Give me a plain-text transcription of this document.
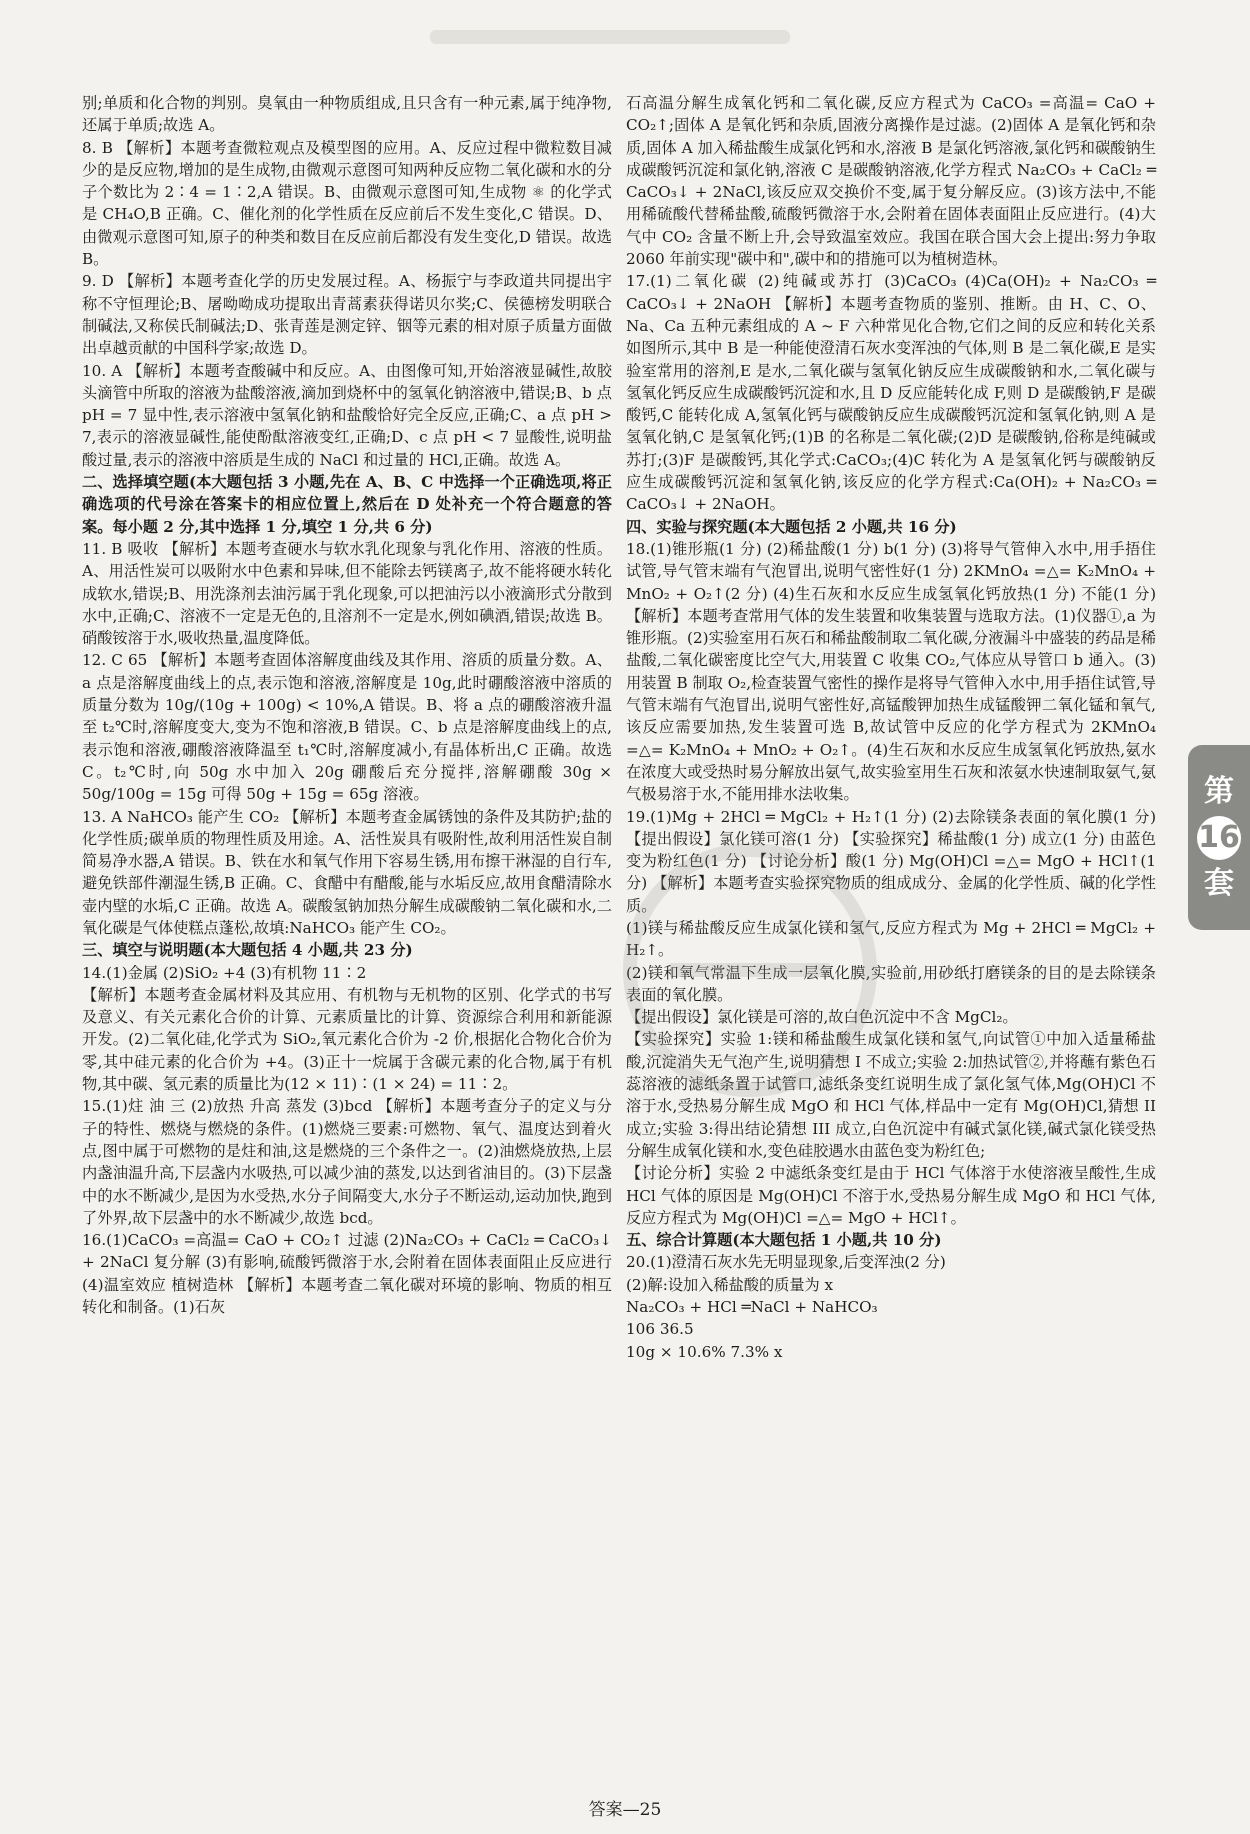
别;单质和化合物的判别。臭氧由一种物质组成,且只含有一种元素,属于纯净物,还属于单质;故选 A。

8. B 【解析】本题考查微粒观点及模型图的应用。A、反应过程中微粒数目减少的是反应物,增加的是生成物,由微观示意图可知两种反应物二氧化碳和水的分子个数比为 2∶4 = 1∶2,A 错误。B、由微观示意图可知,生成物 ⚛ 的化学式是 CH₄O,B 正确。C、催化剂的化学性质在反应前后不发生变化,C 错误。D、由微观示意图可知,原子的种类和数目在反应前后都没有发生变化,D 错误。故选 B。

9. D 【解析】本题考查化学的历史发展过程。A、杨振宁与李政道共同提出宇称不守恒理论;B、屠呦呦成功提取出青蒿素获得诺贝尔奖;C、侯德榜发明联合制碱法,又称侯氏制碱法;D、张青莲是测定锌、铟等元素的相对原子质量方面做出卓越贡献的中国科学家;故选 D。

10. A 【解析】本题考查酸碱中和反应。A、由图像可知,开始溶液显碱性,故胶头滴管中所取的溶液为盐酸溶液,滴加到烧杯中的氢氧化钠溶液中,错误;B、b 点 pH = 7 显中性,表示溶液中氢氧化钠和盐酸恰好完全反应,正确;C、a 点 pH > 7,表示的溶液显碱性,能使酚酞溶液变红,正确;D、c 点 pH < 7 显酸性,说明盐酸过量,表示的溶液中溶质是生成的 NaCl 和过量的 HCl,正确。故选 A。

二、选择填空题(本大题包括 3 小题,先在 A、B、C 中选择一个正确选项,将正确选项的代号涂在答案卡的相应位置上,然后在 D 处补充一个符合题意的答案。每小题 2 分,其中选择 1 分,填空 1 分,共 6 分)

11. B 吸收 【解析】本题考查硬水与软水乳化现象与乳化作用、溶液的性质。A、用活性炭可以吸附水中色素和异味,但不能除去钙镁离子,故不能将硬水转化成软水,错误;B、用洗涤剂去油污属于乳化现象,可以把油污以小液滴形式分散到水中,正确;C、溶液不一定是无色的,且溶剂不一定是水,例如碘酒,错误;故选 B。硝酸铵溶于水,吸收热量,温度降低。

12. C 65 【解析】本题考查固体溶解度曲线及其作用、溶质的质量分数。A、a 点是溶解度曲线上的点,表示饱和溶液,溶解度是 10g,此时硼酸溶液中溶质的质量分数为 10g/(10g + 100g) < 10%,A 错误。B、将 a 点的硼酸溶液升温至 t₂℃时,溶解度变大,变为不饱和溶液,B 错误。C、b 点是溶解度曲线上的点,表示饱和溶液,硼酸溶液降温至 t₁℃时,溶解度减小,有晶体析出,C 正确。故选 C。t₂℃时,向 50g 水中加入 20g 硼酸后充分搅拌,溶解硼酸 30g × 50g/100g = 15g 可得 50g + 15g = 65g 溶液。

13. A NaHCO₃ 能产生 CO₂ 【解析】本题考查金属锈蚀的条件及其防护;盐的化学性质;碳单质的物理性质及用途。A、活性炭具有吸附性,故利用活性炭自制简易净水器,A 错误。B、铁在水和氧气作用下容易生锈,用布擦干淋湿的自行车,避免铁部件潮湿生锈,B 正确。C、食醋中有醋酸,能与水垢反应,故用食醋清除水壶内壁的水垢,C 正确。故选 A。碳酸氢钠加热分解生成碳酸钠二氧化碳和水,二氧化碳是气体使糕点蓬松,故填:NaHCO₃ 能产生 CO₂。

三、填空与说明题(本大题包括 4 小题,共 23 分)

14.(1)金属 (2)SiO₂ +4 (3)有机物 11∶2

【解析】本题考查金属材料及其应用、有机物与无机物的区别、化学式的书写及意义、有关元素化合价的计算、元素质量比的计算、资源综合利用和新能源开发。(2)二氧化硅,化学式为 SiO₂,氧元素化合价为 -2 价,根据化合物化合价为零,其中硅元素的化合价为 +4。(3)正十一烷属于含碳元素的化合物,属于有机物,其中碳、氢元素的质量比为(12 × 11)∶(1 × 24) = 11∶2。

15.(1)炷 油 三 (2)放热 升高 蒸发 (3)bcd 【解析】本题考查分子的定义与分子的特性、燃烧与燃烧的条件。(1)燃烧三要素:可燃物、氧气、温度达到着火点,图中属于可燃物的是炷和油,这是燃烧的三个条件之一。(2)油燃烧放热,上层内盏油温升高,下层盏内水吸热,可以减少油的蒸发,以达到省油目的。(3)下层盏中的水不断减少,是因为水受热,水分子间隔变大,水分子不断运动,运动加快,跑到了外界,故下层盏中的水不断减少,故选 bcd。

16.(1)CaCO₃ =高温= CaO + CO₂↑ 过滤 (2)Na₂CO₃ + CaCl₂ ═ CaCO₃↓ + 2NaCl 复分解 (3)有影响,硫酸钙微溶于水,会附着在固体表面阻止反应进行 (4)温室效应 植树造林 【解析】本题考查二氧化碳对环境的影响、物质的相互转化和制备。(1)石灰

石高温分解生成氧化钙和二氧化碳,反应方程式为 CaCO₃ =高温= CaO + CO₂↑;固体 A 是氧化钙和杂质,固液分离操作是过滤。(2)固体 A 是氧化钙和杂质,固体 A 加入稀盐酸生成氯化钙和水,溶液 B 是氯化钙溶液,氯化钙和碳酸钠生成碳酸钙沉淀和氯化钠,溶液 C 是碳酸钠溶液,化学方程式 Na₂CO₃ + CaCl₂ ═ CaCO₃↓ + 2NaCl,该反应双交换价不变,属于复分解反应。(3)该方法中,不能用稀硫酸代替稀盐酸,硫酸钙微溶于水,会附着在固体表面阻止反应进行。(4)大气中 CO₂ 含量不断上升,会导致温室效应。我国在联合国大会上提出:努力争取 2060 年前实现"碳中和",碳中和的措施可以为植树造林。

17.(1)二氧化碳 (2)纯碱或苏打 (3)CaCO₃ (4)Ca(OH)₂ + Na₂CO₃ ═ CaCO₃↓ + 2NaOH 【解析】本题考查物质的鉴别、推断。由 H、C、O、Na、Ca 五种元素组成的 A ~ F 六种常见化合物,它们之间的反应和转化关系如图所示,其中 B 是一种能使澄清石灰水变浑浊的气体,则 B 是二氧化碳,E 是实验室常用的溶剂,E 是水,二氧化碳与氢氧化钠反应生成碳酸钠和水,二氧化碳与氢氧化钙反应生成碳酸钙沉淀和水,且 D 反应能转化成 F,则 D 是碳酸钠,F 是碳酸钙,C 能转化成 A,氢氧化钙与碳酸钠反应生成碳酸钙沉淀和氢氧化钠,则 A 是氢氧化钠,C 是氢氧化钙;(1)B 的名称是二氧化碳;(2)D 是碳酸钠,俗称是纯碱或苏打;(3)F 是碳酸钙,其化学式:CaCO₃;(4)C 转化为 A 是氢氧化钙与碳酸钠反应生成碳酸钙沉淀和氢氧化钠,该反应的化学方程式:Ca(OH)₂ + Na₂CO₃ ═ CaCO₃↓ + 2NaOH。

四、实验与探究题(本大题包括 2 小题,共 16 分)

18.(1)锥形瓶(1 分) (2)稀盐酸(1 分) b(1 分) (3)将导气管伸入水中,用手捂住试管,导气管末端有气泡冒出,说明气密性好(1 分) 2KMnO₄ =△= K₂MnO₄ + MnO₂ + O₂↑(2 分) (4)生石灰和水反应生成氢氧化钙放热(1 分) 不能(1 分) 【解析】本题考查常用气体的发生装置和收集装置与选取方法。(1)仪器①,a 为锥形瓶。(2)实验室用石灰石和稀盐酸制取二氧化碳,分液漏斗中盛装的药品是稀盐酸,二氧化碳密度比空气大,用装置 C 收集 CO₂,气体应从导管口 b 通入。(3)用装置 B 制取 O₂,检查装置气密性的操作是将导气管伸入水中,用手捂住试管,导气管末端有气泡冒出,说明气密性好,高锰酸钾加热生成锰酸钾二氧化锰和氧气,该反应需要加热,发生装置可选 B,故试管中反应的化学方程式为 2KMnO₄ =△= K₂MnO₄ + MnO₂ + O₂↑。(4)生石灰和水反应生成氢氧化钙放热,氨水在浓度大或受热时易分解放出氨气,故实验室用生石灰和浓氨水快速制取氨气,氨气极易溶于水,不能用排水法收集。

19.(1)Mg + 2HCl ═ MgCl₂ + H₂↑(1 分) (2)去除镁条表面的氧化膜(1 分) 【提出假设】氯化镁可溶(1 分) 【实验探究】稀盐酸(1 分) 成立(1 分) 由蓝色变为粉红色(1 分) 【讨论分析】酸(1 分) Mg(OH)Cl =△= MgO + HCl↑(1 分) 【解析】本题考查实验探究物质的组成成分、金属的化学性质、碱的化学性质。

(1)镁与稀盐酸反应生成氯化镁和氢气,反应方程式为 Mg + 2HCl ═ MgCl₂ + H₂↑。

(2)镁和氧气常温下生成一层氧化膜,实验前,用砂纸打磨镁条的目的是去除镁条表面的氧化膜。

【提出假设】氯化镁是可溶的,故白色沉淀中不含 MgCl₂。

【实验探究】实验 1:镁和稀盐酸生成氯化镁和氢气,向试管①中加入适量稀盐酸,沉淀消失无气泡产生,说明猜想 I 不成立;实验 2:加热试管②,并将蘸有紫色石蕊溶液的滤纸条置于试管口,滤纸条变红说明生成了氯化氢气体,Mg(OH)Cl 不溶于水,受热易分解生成 MgO 和 HCl 气体,样品中一定有 Mg(OH)Cl,猜想 II 成立;实验 3:得出结论猜想 III 成立,白色沉淀中有碱式氯化镁,碱式氯化镁受热分解生成氧化镁和水,变色硅胶遇水由蓝色变为粉红色;

【讨论分析】实验 2 中滤纸条变红是由于 HCl 气体溶于水使溶液呈酸性,生成 HCl 气体的原因是 Mg(OH)Cl 不溶于水,受热易分解生成 MgO 和 HCl 气体,反应方程式为 Mg(OH)Cl =△= MgO + HCl↑。

五、综合计算题(本大题包括 1 小题,共 10 分)

20.(1)澄清石灰水先无明显现象,后变浑浊(2 分)

(2)解:设加入稀盐酸的质量为 x

Na₂CO₃ + HCl ═NaCl + NaHCO₃

106 36.5

10g × 10.6% 7.3% x

第
16
套
答案—25
